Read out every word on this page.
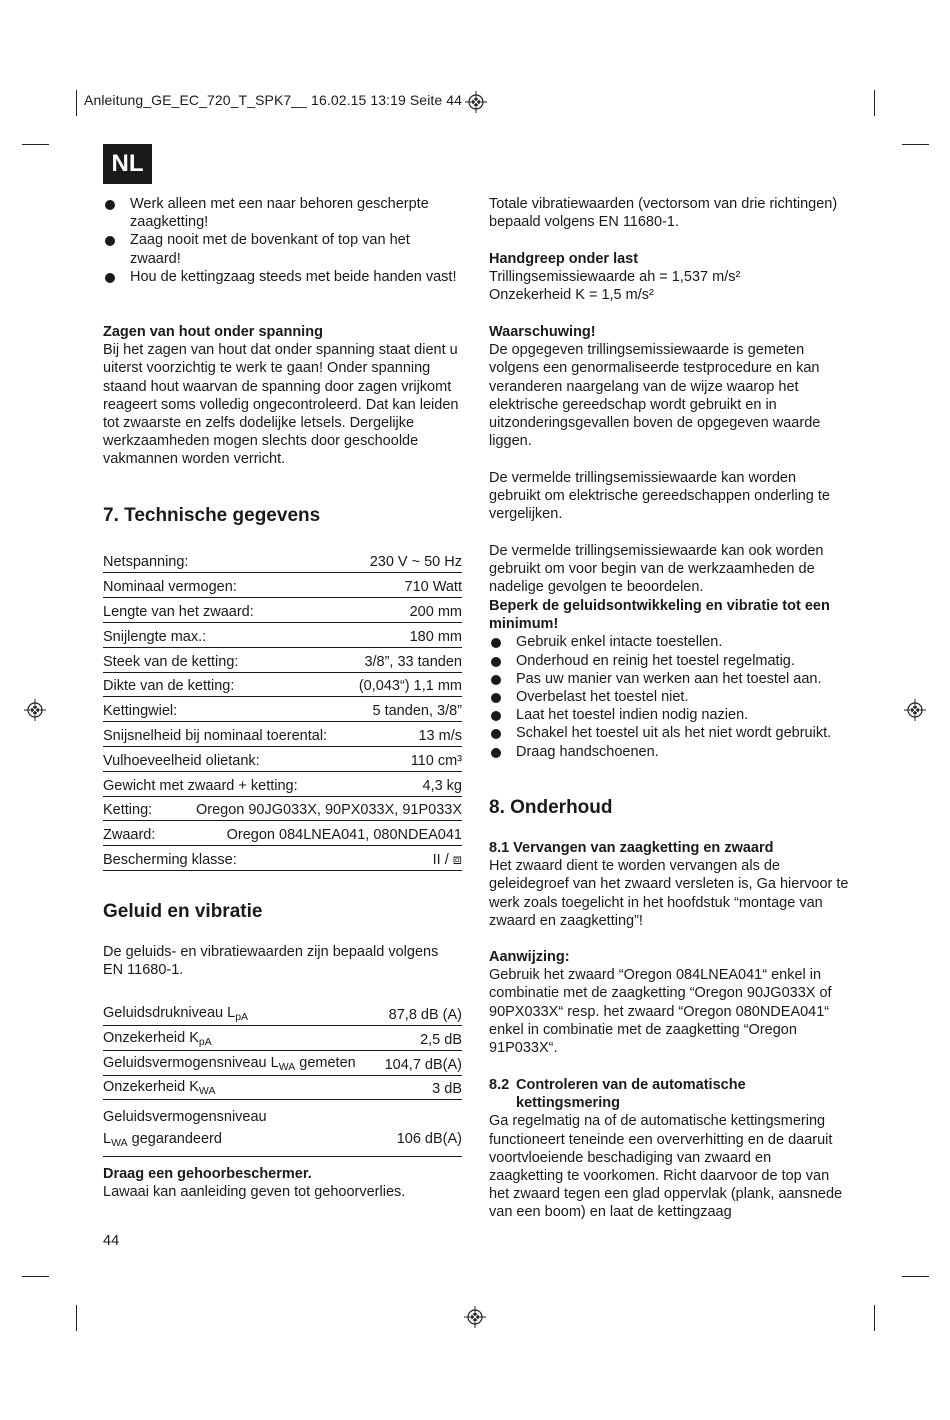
Anleitung_GE_EC_720_T_SPK7__ 16.02.15 13:19 Seite 44
NL
Werk alleen met een naar behoren gescherpte zaagketting!
Zaag nooit met de bovenkant of top van het zwaard!
Hou de kettingzaag steeds met beide handen vast!
Zagen van hout onder spanning
Bij het zagen van hout dat onder spanning staat dient u uiterst voorzichtig te werk te gaan! Onder spanning staand hout waarvan de spanning door zagen vrijkomt reageert soms volledig ongecontroleerd. Dat kan leiden tot zwaarste en zelfs dodelijke letsels. Dergelijke werkzaamheden mogen slechts door geschoolde vakmannen worden verricht.
7. Technische gegevens
Netspanning:	230 V ~ 50 Hz
Nominaal vermogen:	710 Watt
Lengte van het zwaard:	200 mm
Snijlengte max.:	180 mm
Steek van de ketting:	3/8”, 33 tanden
Dikte van de ketting:	(0,043“) 1,1 mm
Kettingwiel:	5 tanden, 3/8”
Snijsnelheid bij nominaal toerental:	13 m/s
Vulhoeveelheid olietank:	110 cm³
Gewicht met zwaard + ketting:	4,3 kg
Ketting:	Oregon 90JG033X, 90PX033X, 91P033X
Zwaard:	Oregon 084LNEA041, 080NDEA041
Bescherming klasse:	II / ⧈
Geluid en vibratie
De geluids- en vibratiewaarden zijn bepaald volgens EN 11680-1.
Geluidsdrukniveau $L_{pA}$	87,8 dB (A)
Onzekerheid $K_{pA}$	2,5 dB
Geluidsvermogensniveau $L_{WA}$ gemeten 104,7 dB(A)
Onzekerheid $K_{WA}$	3 dB
Geluidsvermogensniveau
$L_{WA}$ gegarandeerd	106 dB(A)
Draag een gehoorbeschermer.
Lawaai kan aanleiding geven tot gehoorverlies.
44
Totale vibratiewaarden (vectorsom van drie richtingen) bepaald volgens EN 11680-1.
Handgreep onder last
Trillingsemissiewaarde ah = 1,537 m/s²
Onzekerheid K = 1,5 m/s²
Waarschuwing!
De opgegeven trillingsemissiewaarde is gemeten volgens een genormaliseerde testprocedure en kan veranderen naargelang van de wijze waarop het elektrische gereedschap wordt gebruikt en in uitzonderingsgevallen boven de opgegeven waarde liggen.
De vermelde trillingsemissiewaarde kan worden gebruikt om elektrische gereedschappen onderling te vergelijken.
De vermelde trillingsemissiewaarde kan ook worden gebruikt om voor begin van de werkzaamheden de nadelige gevolgen te beoordelen.
Beperk de geluidsontwikkeling en vibratie tot een minimum!
Gebruik enkel intacte toestellen.
Onderhoud en reinig het toestel regelmatig.
Pas uw manier van werken aan het toestel aan.
Overbelast het toestel niet.
Laat het toestel indien nodig nazien.
Schakel het toestel uit als het niet wordt gebruikt.
Draag handschoenen.
8. Onderhoud
8.1 Vervangen van zaagketting en zwaard
Het zwaard dient te worden vervangen als de geleidegroef van het zwaard versleten is, Ga hiervoor te werk zoals toegelicht in het hoofdstuk “montage van zwaard en zaagketting”!
Aanwijzing:
Gebruik het zwaard “Oregon 084LNEA041“ enkel in combinatie met de zaagketting “Oregon 90JG033X of 90PX033X“ resp. het zwaard “Oregon 080NDEA041“ enkel in combinatie met de zaagketting “Oregon 91P033X“.
8.2 Controleren van de automatische
kettingsmering
Ga regelmatig na of de automatische kettingsmering functioneert teneinde een oververhitting en de daaruit voortvloeiende beschadiging van zwaard en zaagketting te voorkomen. Richt daarvoor de top van het zwaard tegen een glad oppervlak (plank, aansnede van een boom) en laat de kettingzaag
